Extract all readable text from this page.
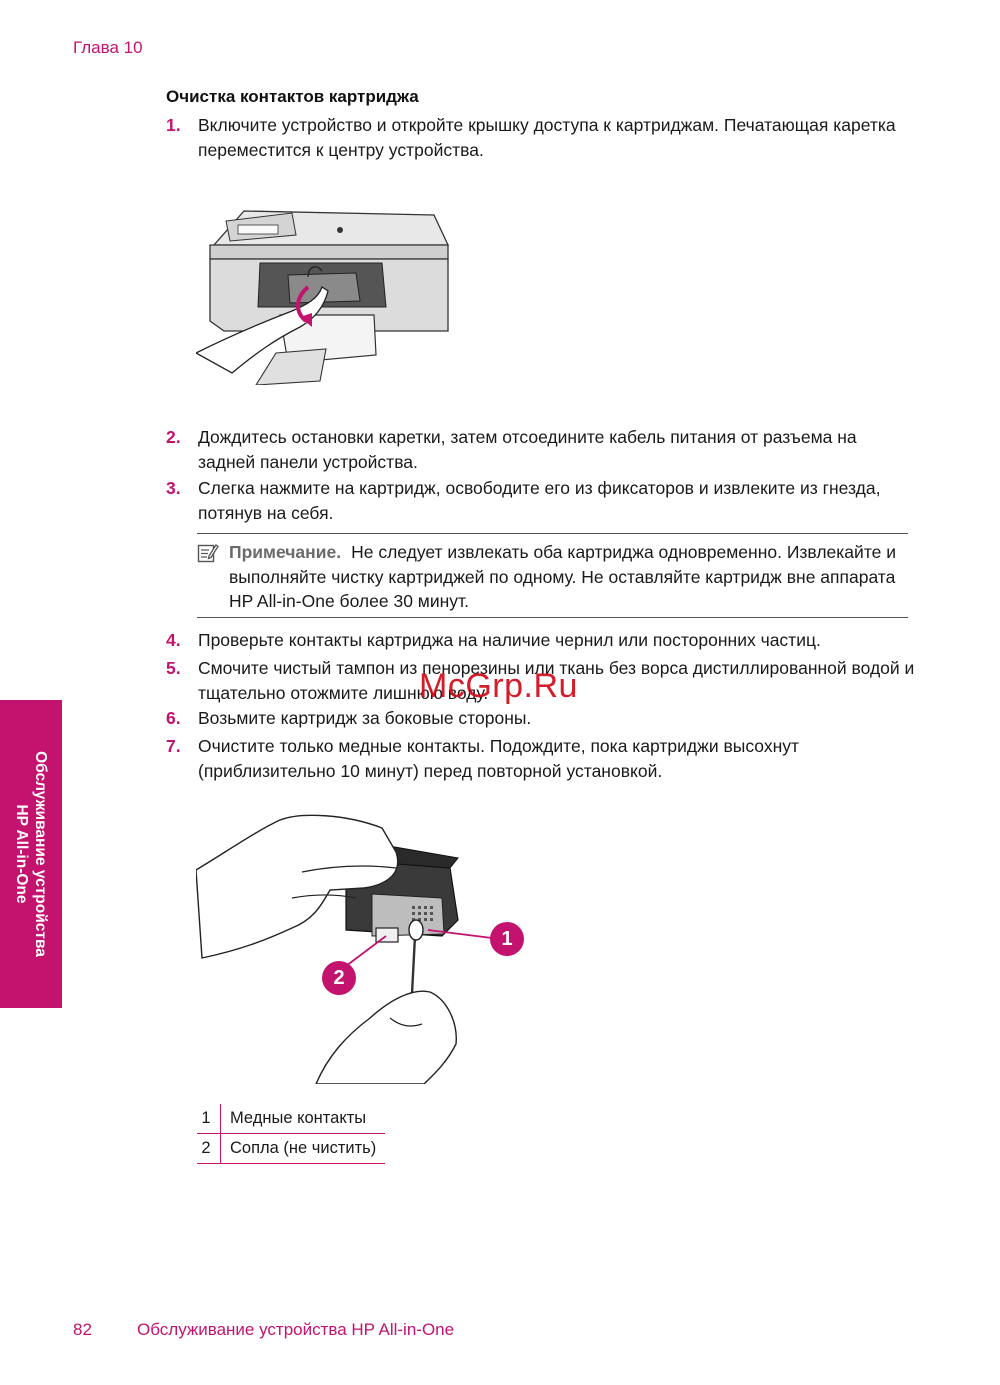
Глава 10
Очистка контактов картриджа
1. Включите устройство и откройте крышку доступа к картриджам. Печатающая каретка переместится к центру устройства.
2. Дождитесь остановки каретки, затем отсоедините кабель питания от разъема на задней панели устройства.
3. Слегка нажмите на картридж, освободите его из фиксаторов и извлеките из гнезда, потянув на себя.
Примечание. Не следует извлекать оба картриджа одновременно. Извлекайте и выполняйте чистку картриджей по одному. Не оставляйте картридж вне аппарата HP All-in-One более 30 минут.
4. Проверьте контакты картриджа на наличие чернил или посторонних частиц.
5. Смочите чистый тампон из пенорезины или ткань без ворса дистиллированной водой и тщательно отожмите лишнюю воду.
6. Возьмите картридж за боковые стороны.
7. Очистите только медные контакты. Подождите, пока картриджи высохнут (приблизительно 10 минут) перед повторной установкой.
McGrp.Ru
1
2
1	Медные контакты
2	Сопла (не чистить)
Обслуживание устройства
HP All-in-One
82	Обслуживание устройства HP All-in-One
